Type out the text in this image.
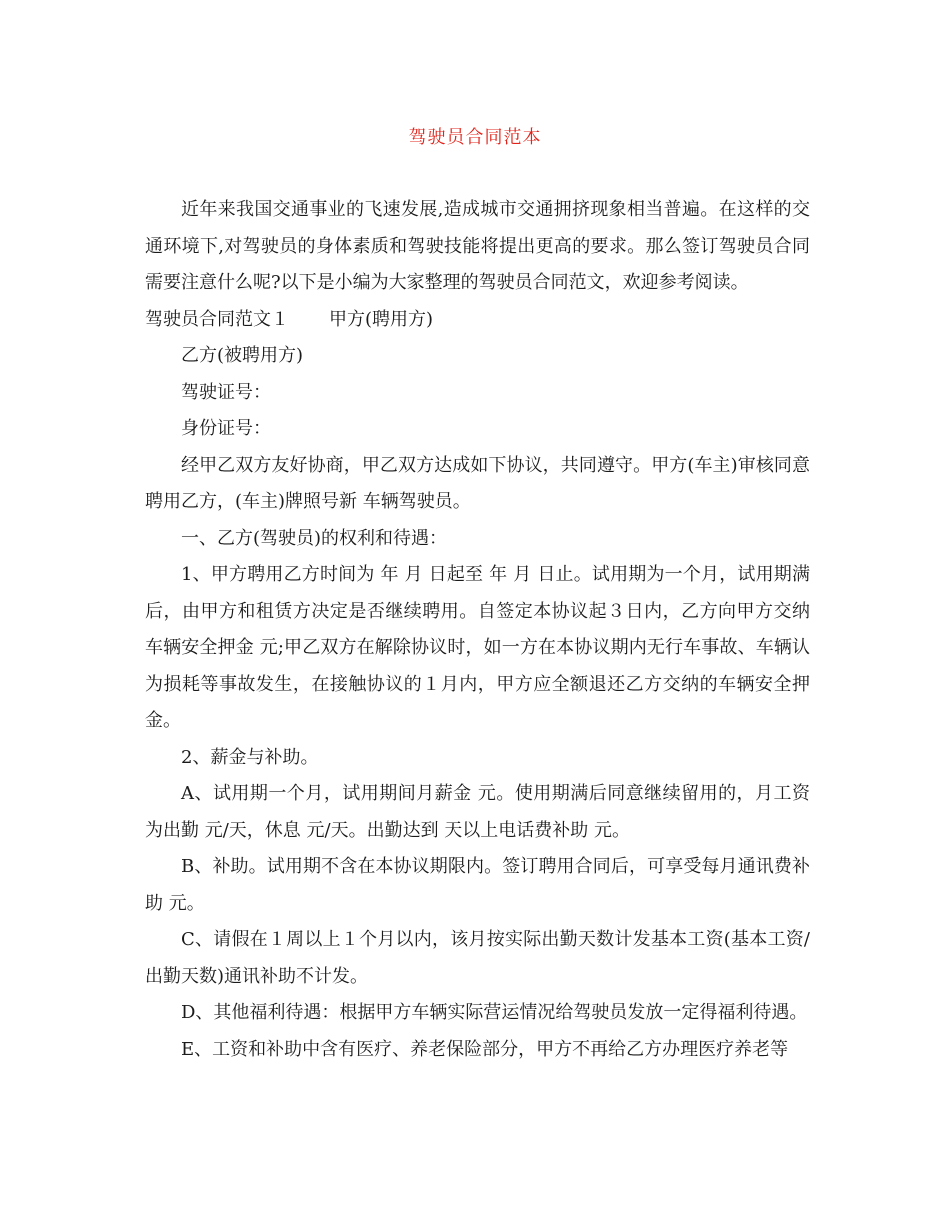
驾驶员合同范本

近年来我国交通事业的飞速发展,造成城市交通拥挤现象相当普遍。在这样的交通环境下,对驾驶员的身体素质和驾驶技能将提出更高的要求。那么签订驾驶员合同需要注意什么呢?以下是小编为大家整理的驾驶员合同范文，欢迎参考阅读。

驾驶员合同范文１ 甲方(聘用方)

乙方(被聘用方)

驾驶证号：

身份证号：

经甲乙双方友好协商，甲乙双方达成如下协议，共同遵守。甲方(车主)审核同意聘用乙方，(车主)牌照号新 车辆驾驶员。

一、乙方(驾驶员)的权利和待遇：

1、甲方聘用乙方时间为 年 月 日起至 年 月 日止。试用期为一个月，试用期满后，由甲方和租赁方决定是否继续聘用。自签定本协议起３日内，乙方向甲方交纳车辆安全押金 元;甲乙双方在解除协议时，如一方在本协议期内无行车事故、车辆认为损耗等事故发生，在接触协议的１月内，甲方应全额退还乙方交纳的车辆安全押金。

2、薪金与补助。

A、试用期一个月，试用期间月薪金 元。使用期满后同意继续留用的，月工资为出勤 元/天，休息 元/天。出勤达到 天以上电话费补助 元。

B、补助。试用期不含在本协议期限内。签订聘用合同后，可享受每月通讯费补助 元。

C、请假在１周以上１个月以内，该月按实际出勤天数计发基本工资(基本工资/出勤天数)通讯补助不计发。

D、其他福利待遇：根据甲方车辆实际营运情况给驾驶员发放一定得福利待遇。

E、工资和补助中含有医疗、养老保险部分，甲方不再给乙方办理医疗养老等
